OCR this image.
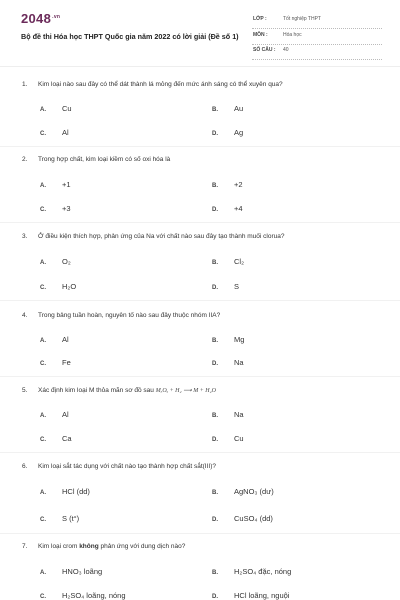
$2048^{.vn}$
Bộ đề thi Hóa học THPT Quốc gia năm 2022 có lời giải (Đề số 1)
LỚP :	Tốt nghiệp THPT
MÔN :	Hóa học
SỐ CÂU : 40
1. Kim loại nào sau đây có thể dát thành lá mỏng đến mức ánh sáng có thể xuyên qua?
A. Cu	B. Au
C. Al	D. Ag
2. Trong hợp chất, kim loại kiềm có số oxi hóa là
A. +1	B. +2
C. +3	D. +4
3. Ở điều kiện thích hợp, phản ứng của Na với chất nào sau đây tạo thành muối clorua?
A. O₂	B. Cl₂
C. H₂O	D. S
4. Trong bảng tuần hoàn, nguyên tố nào sau đây thuộc nhóm IIA?
A. Al	B. Mg
C. Fe	D. Na
5. Xác định kim loại M thỏa mãn sơ đồ sau MₓOᵧ + H₂ ⟶ M + H₂O
A. Al	B. Na
C. Ca	D. Cu
6. Kim loại sắt tác dụng với chất nào tạo thành hợp chất sắt(III)?
A. HCl (dd)	B. AgNO₃ (dư)
C. S (t°)	D. CuSO₄ (dd)
7. Kim loại crom không phản ứng với dung dịch nào?
A. HNO₃ loãng	B. H₂SO₄ đặc, nóng
C. H₂SO₄ loãng, nóng	D. HCl loãng, nguội
